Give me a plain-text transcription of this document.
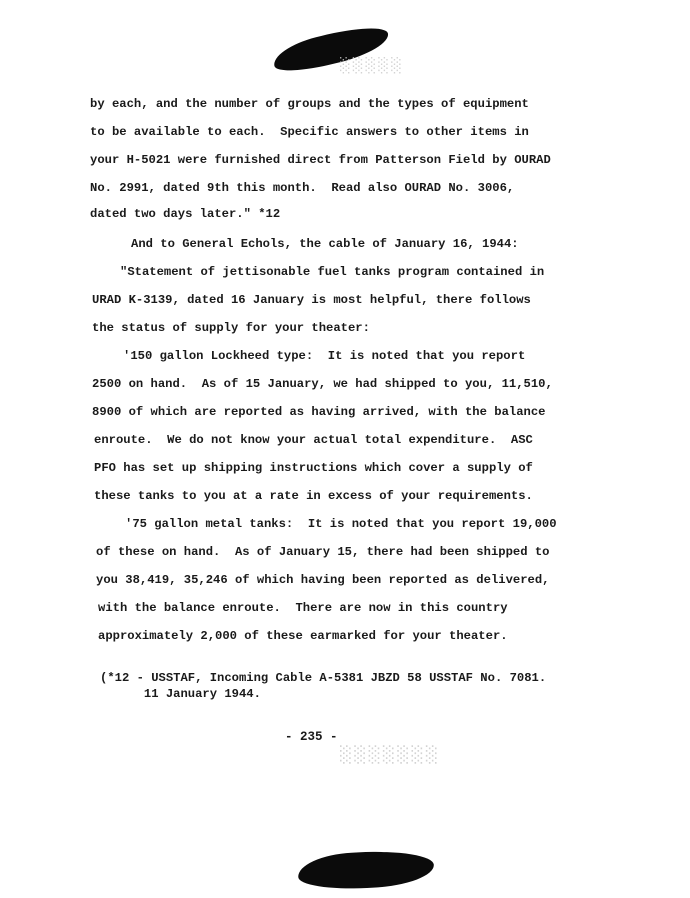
░░░░░
░░░░░░░
by each, and the number of groups and the types of equipment
to be available to each.  Specific answers to other items in
your H-5021 were furnished direct from Patterson Field by OURAD
No. 2991, dated 9th this month.  Read also OURAD No. 3006,
dated two days later." *12
And to General Echols, the cable of January 16, 1944:
"Statement of jettisonable fuel tanks program contained in
URAD K-3139, dated 16 January is most helpful, there follows
the status of supply for your theater:
'150 gallon Lockheed type:  It is noted that you report
2500 on hand.  As of 15 January, we had shipped to you, 11,510,
8900 of which are reported as having arrived, with the balance
enroute.  We do not know your actual total expenditure.  ASC
PFO has set up shipping instructions which cover a supply of
these tanks to you at a rate in excess of your requirements.
'75 gallon metal tanks:  It is noted that you report 19,000
of these on hand.  As of January 15, there had been shipped to
you 38,419, 35,246 of which having been reported as delivered,
with the balance enroute.  There are now in this country
approximately 2,000 of these earmarked for your theater.
(*12 - USSTAF, Incoming Cable A-5381 JBZD 58 USSTAF No. 7081.
11 January 1944.
- 235 -
